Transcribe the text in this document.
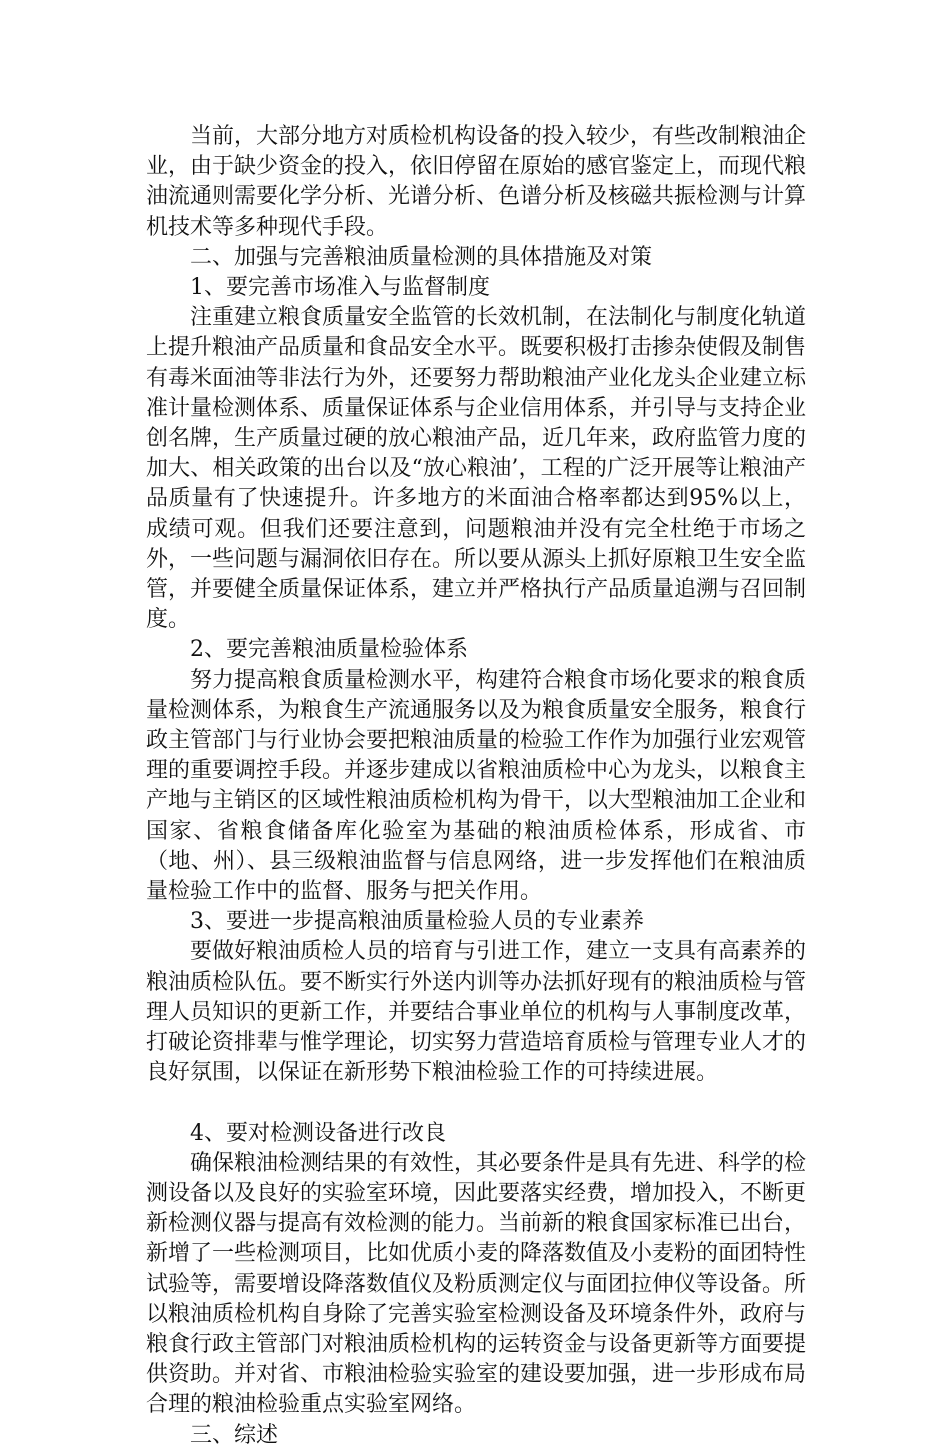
当前，大部分地方对质检机构设备的投入较少，有些改制粮油企业，由于缺少资金的投入，依旧停留在原始的感官鉴定上，而现代粮油流通则需要化学分析、光谱分析、色谱分析及核磁共振检测与计算机技术等多种现代手段。

二、加强与完善粮油质量检测的具体措施及对策

1、要完善市场准入与监督制度

注重建立粮食质量安全监管的长效机制，在法制化与制度化轨道上提升粮油产品质量和食品安全水平。既要积极打击掺杂使假及制售有毒米面油等非法行为外，还要努力帮助粮油产业化龙头企业建立标准计量检测体系、质量保证体系与企业信用体系，并引导与支持企业创名牌，生产质量过硬的放心粮油产品，近几年来，政府监管力度的加大、相关政策的出台以及“放心粮油’，工程的广泛开展等让粮油产品质量有了快速提升。许多地方的米面油合格率都达到95%以上，成绩可观。但我们还要注意到，问题粮油并没有完全杜绝于市场之外，一些问题与漏洞依旧存在。所以要从源头上抓好原粮卫生安全监管，并要健全质量保证体系，建立并严格执行产品质量追溯与召回制度。

2、要完善粮油质量检验体系

努力提高粮食质量检测水平，构建符合粮食市场化要求的粮食质量检测体系，为粮食生产流通服务以及为粮食质量安全服务，粮食行政主管部门与行业协会要把粮油质量的检验工作作为加强行业宏观管理的重要调控手段。并逐步建成以省粮油质检中心为龙头，以粮食主产地与主销区的区域性粮油质检机构为骨干，以大型粮油加工企业和国家、省粮食储备库化验室为基础的粮油质检体系，形成省、市（地、州）、县三级粮油监督与信息网络，进一步发挥他们在粮油质量检验工作中的监督、服务与把关作用。

3、要进一步提高粮油质量检验人员的专业素养

要做好粮油质检人员的培育与引进工作，建立一支具有高素养的粮油质检队伍。要不断实行外送内训等办法抓好现有的粮油质检与管理人员知识的更新工作，并要结合事业单位的机构与人事制度改革，打破论资排辈与惟学理论，切实努力营造培育质检与管理专业人才的良好氛围，以保证在新形势下粮油检验工作的可持续进展。

4、要对检测设备进行改良

确保粮油检测结果的有效性，其必要条件是具有先进、科学的检测设备以及良好的实验室环境，因此要落实经费，增加投入，不断更新检测仪器与提高有效检测的能力。当前新的粮食国家标准已出台，新增了一些检测项目，比如优质小麦的降落数值及小麦粉的面团特性试验等，需要增设降落数值仪及粉质测定仪与面团拉伸仪等设备。所以粮油质检机构自身除了完善实验室检测设备及环境条件外，政府与粮食行政主管部门对粮油质检机构的运转资金与设备更新等方面要提供资助。并对省、市粮油检验实验室的建设要加强，进一步形成布局合理的粮油检验重点实验室网络。

三、综述
